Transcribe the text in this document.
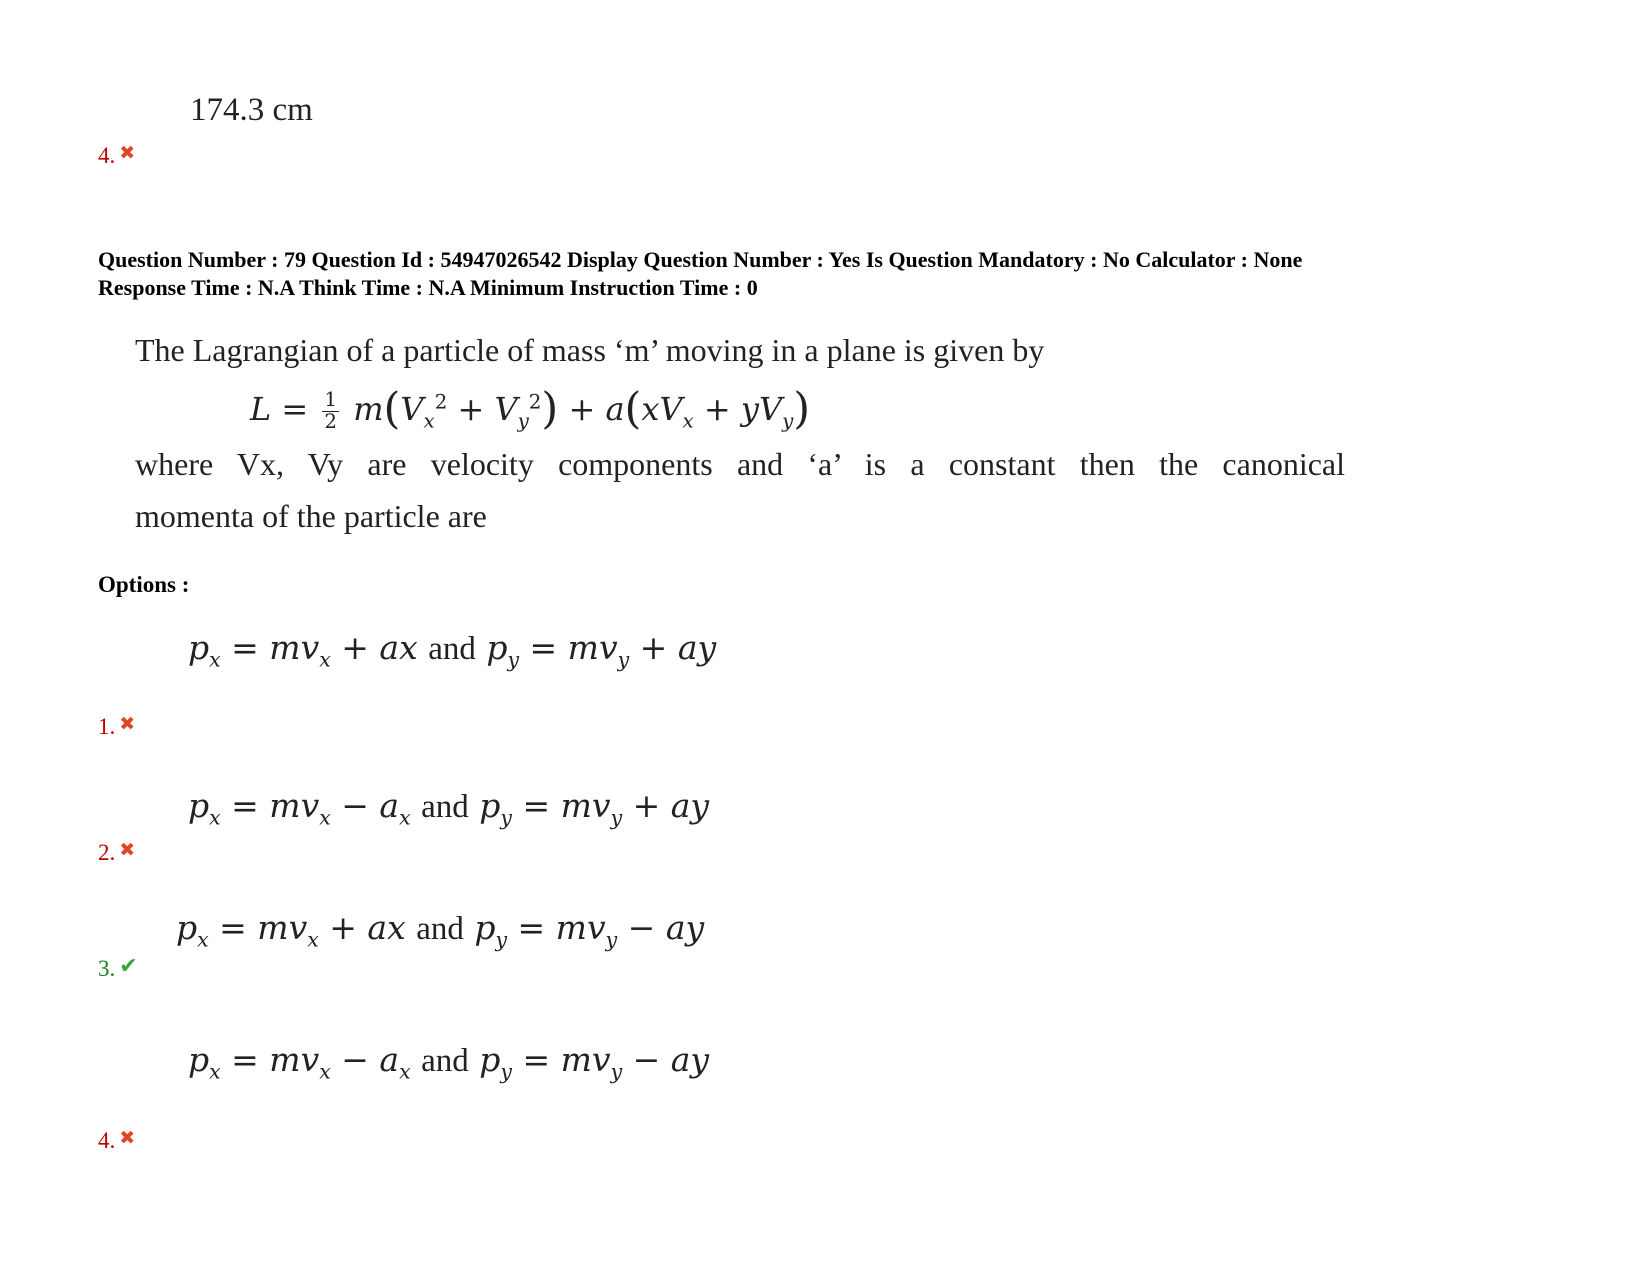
174.3 cm
4. ✖
Question Number : 79 Question Id : 54947026542 Display Question Number : Yes Is Question Mandatory : No Calculator : None
Response Time : N.A Think Time : N.A Minimum Instruction Time : 0
The Lagrangian of a particle of mass ‘m’ moving in a plane is given by
$L = \frac{1}{2} m(V_x^2 + V_y^2) + a(xV_x + yV_y)$
where Vx, Vy are velocity components and ‘a’ is a constant then the canonical
momenta of the particle are
Options :
$p_x = mv_x$ + ax and $p_y = mv_y$ + ay
1. ✖
$p_x = mv_x - a_x$ and $p_y = mv_y$ + ay
2. ✖
$p_x = mv_x$ + ax and $p_y = mv_y$ − ay
3. ✔
$p_x = mv_x - a_x$ and $p_y = mv_y$ − ay
4. ✖
